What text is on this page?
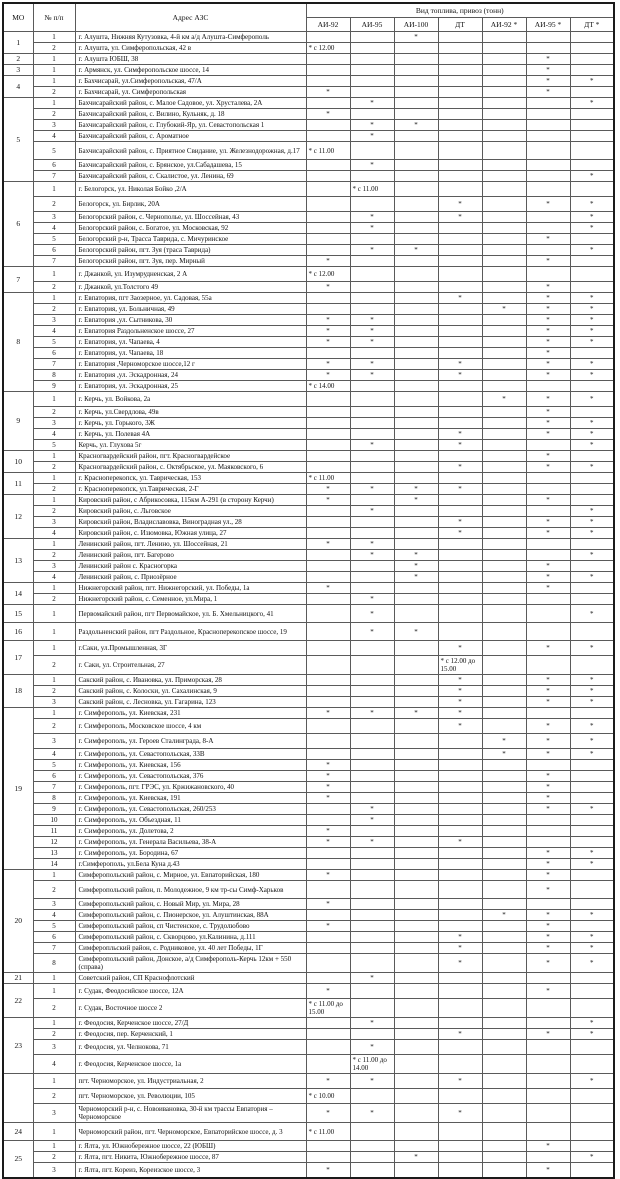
МО	№ п/п	Адрес АЗС	Вид топлива, привоз (тонн)						
			АИ-92	АИ-95	АИ-100	ДТ	АИ-92 *	АИ-95 *	ДТ *
1	1	г. Алушта, Нижняя Кутузовка, 4-й км а/д Алушта-Симферополь			*				
	2	г. Алушта, ул. Симферопольская, 42 в	* с 12.00						
2	1	г. Алушта ЮБШ, 38						*	
3	1	г. Армянск, ул. Симферопольское шоссе, 14						*	
4	1	г. Бахчисарай, ул.Симферопольская, 47/А						*	*
	2	г. Бахчисарай, ул. Симферопольская	*					*	
5	1	Бахчисарайский район, с. Малое Садовое, ул. Хрусталева, 2А		*					*
	2	Бахчисарайский район, с. Вилино, Кульняк, д. 18	*						
	3	Бахчисарайский район, с. Глубокий-Яр, ул. Севастопольская 1		*	*				
	4	Бахчисарайский район, с. Ароматное		*					
	5	Бахчисарайский район, с. Приятное Свидание, ул. Железнодорожная, д.17	* с 11.00						
	6	Бахчисарайский район, с. Брянское, ул.Сабадашева, 15		*					
	7	Бахчисарайский район, с. Скалистое, ул. Ленина, 69							*
6	1	г. Белогорск, ул. Николая Бойко ,2/А		* с 11.00					
	2	Белогорск, ул. Бирлик, 20А				*		*	*
	3	Белогорский район, с. Чернополье, ул. Шоссейная, 43		*		*			*
	4	Белогорский район, с. Богатое, ул. Московская, 92		*					*
	5	Белогорский р-н, Трасса Таврида, с. Мичуринское						*	
	6	Белогорский район, пгт. Зуя (траса Таврида)		*	*				*
	7	Белогорский район, пгт. Зуя, пер. Мирный	*					*	
7	1	г. Джанкой, ул. Изумрудненская, 2 А	* с 12.00						
	2	г. Джанкой, ул.Толстого 49	*					*	
8	1	г. Евпатория, пгт Заозерное, ул. Садовая, 55а				*		*	*
	2	г. Евпатория, ул. Больничная, 49					*	*	*
	3	г. Евпатория ,ул. Сытникова, 30	*	*				*	*
	4	г. Евпатория Раздольненское шоссе, 27	*	*				*	*
	5	г. Евпатория, ул. Чапаева, 4	*	*				*	*
	6	г. Евпатория, ул. Чапаева, 18						*	
	7	г. Евпатория ,Черноморское шоссе,12 г	*	*		*		*	*
	8	г. Евпатория ,ул. Эскадронная, 24	*	*		*		*	*
	9	г. Евпатория, ул. Эскадронная, 25	* с 14.00						
9	1	г. Керчь, ул. Войкова, 2а					*	*	*
	2	г. Керчь, ул.Свердлова, 49в						*	
	3	г. Керчь, ул. Горького, 3Ж						*	*
	4	г. Керчь, ул. Полевая 4А				*		*	*
	5	Керчь, ул. Глухова 5г		*		*			*
10	1	Красногвардейский район, пгт. Красногвардейское						*	
	2	Красногвардейский район, с. Октябрьское, ул. Маяковского, 6				*		*	*
11	1	г. Красноперекопск, ул. Таврическая, 153	* с 11.00						
	2	г. Красноперекопск, ул.Таврическая, 2-Г	*	*	*	*			
12	1	Кировский район, с Абрикосовка, 115км А-291 (в сторону Керчи)	*		*			*	
	2	Кировский район, с. Льговское		*					*
	3	Кировский район, Владиславовка, Виноградная ул., 28				*		*	*
	4	Кировский район, с. Изюмовка, Южная улица, 27				*		*	*
13	1	Ленинский район, пгт. Ленино, ул. Шоссейная, 21	*	*					
	2	Ленинский район, пгт. Багерово		*	*				*
	3	Ленинский район с. Красногорка			*			*	
	4	Ленинский район, с. Приозёрное			*			*	*
14	1	Нижнегорский район, пгт. Нижнегорский, ул. Победы, 1а	*					*	
	2	Нижнегорский район, с. Семенное, ул.Мира, 1		*					
15	1	Первомайский район, пгт Первомайское, ул. Б. Хмельницкого, 41		*					*
16	1	Раздольненский район, пгт Раздольное, Красноперекопское шоссе, 19		*	*				
17	1	г.Саки, ул.Промышленная, 3Г				*		*	*
	2	г. Саки, ул. Строительная, 27				* с 12.00 до 15.00			
18	1	Сакский район, с. Ивановка, ул. Приморская, 28				*		*	*
	2	Сакский район, с. Колоски, ул. Сахалинская, 9				*		*	*
	3	Сакский район, с. Лесновка, ул. Гагарина, 123				*		*	*
19	1	г. Симферополь, ул. Киевская, 231	*	*	*	*			
	2	г. Симферополь, Московское шоссе, 4 км				*		*	*
	3	г. Симферополь, ул. Героев Сталинграда, 8-А					*	*	*
	4	г. Симферополь, ул. Севастопольская, 33В					*	*	*
	5	г. Симферополь, ул. Киевская, 156	*						
	6	г. Симферополь, ул. Севастопольская, 376	*					*	
	7	г. Симферополь, пгт. ГРЭС, ул. Кржижановского, 40	*					*	
	8	г. Симферополь, ул. Киевская, 191	*					*	
	9	г. Симферополь, ул. Севастопольская, 260/253		*				*	*
	10	г. Симферополь, ул. Объездная, 11		*					
	11	г. Симферополь, ул. Долетова, 2	*						
	12	г. Симферополь, ул. Генерала Васильева, 38-А	*	*		*			
	13	г. Симферополь, ул. Бородина, 67						*	*
	14	г.Симферополь, ул.Бела Куна д.43						*	*
20	1	Симферопольский район, с. Мирное, ул. Евпаторийская, 180	*					*	
	2	Симферопольский район, п. Молодежное, 9 км тр-сы Симф-Харьков						*	
	3	Симферопольский район, с. Новый Мир, ул. Мира, 28	*						
	4	Симферопольский район, с. Пионерское, ул. Алуштинская, 88А					*	*	*
	5	Симферопольский район, сп Чистенское, с. Трудолюбово	*					*	
	6	Симферопольский район, с. Скворцово, ул.Калинина, д.111				*		*	*
	7	Симферопльский район, с. Родниковое, ул. 40 лет Победы, 1Г				*		*	*
	8	Симферопольский район, Донское, а/д Симферополь-Керчь 12км + 550 (справа)				*		*	*
21	1	Советский район, СП Краснофлотский		*					
22	1	г. Судак, Феодосийское шоссе, 12А	*					*	
	2	г. Судак, Восточное шоссе 2	* с 11.00 до 15.00						
23	1	г. Феодосия, Керченское шоссе, 27/Д		*					*
	2	г. Феодосия, пер. Керченский, 1				*		*	*
	3	г. Феодосия, ул. Челнокова, 71		*					
	4	г. Феодосия, Керченское шоссе, 1а		* с 11.00 до 14.00					
	1	пгт. Черноморское, ул. Индустриальная, 2	*	*		*			*
	2	пгт. Черноморское, ул. Революции, 105	* с 10.00						
	3	Черноморский р-н, с. Новоивановка, 30-й км трассы Евпатория – Черноморское	*	*		*			
24	1	Черноморский район, пгт. Черноморское, Евпаторийское шоссе, д. 3	* с 11.00						
25	1	г. Ялта, ул. Южнобережное шоссе, 22 (ЮБШ)						*	
	2	г. Ялта, пгт. Никита, Южнобережное шоссе, 87			*				*
	3	г. Ялта, пгт. Кореиз, Кореизское шоссе, 3	*					*	
